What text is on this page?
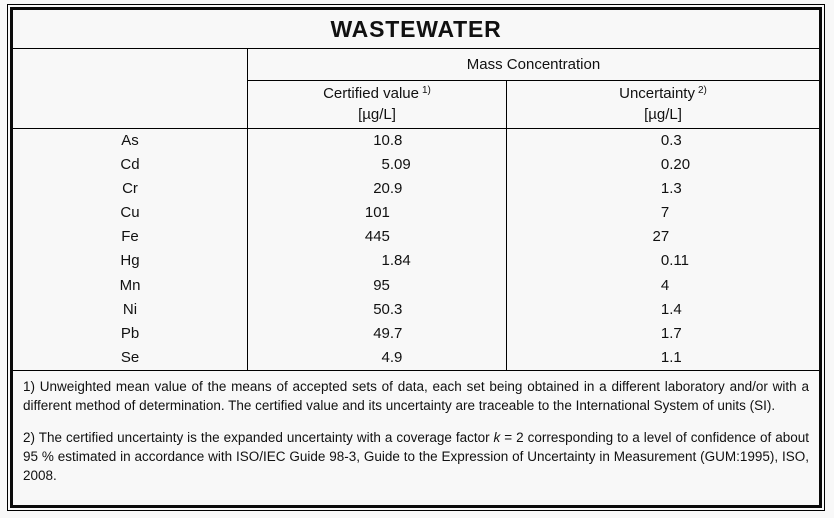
WASTEWATER
Mass Concentration
Certified value $^{1)}$
[µg/L]
Uncertainty $^{2)}$
[µg/L]
As
Cd
Cr
Cu
Fe
Hg
Mn
Ni
Pb
Se
10 .8
5 .09
20 .9
101
445
1 .84
95
50 .3
49 .7
4 .9
0 .3
0 .20
1 .3
7
27
0 .11
4
1 .4
1 .7
1 .1

1) Unweighted mean value of the means of accepted sets of data, each set being obtained in a different laboratory and/or with a different method of determination. The certified value and its uncertainty are traceable to the International System of units (SI).

2) The certified uncertainty is the expanded uncertainty with a coverage factor k = 2 corresponding to a level of confidence of about 95 % estimated in accordance with ISO/IEC Guide 98-3, Guide to the Expression of Uncertainty in Measurement (GUM:1995), ISO, 2008.
